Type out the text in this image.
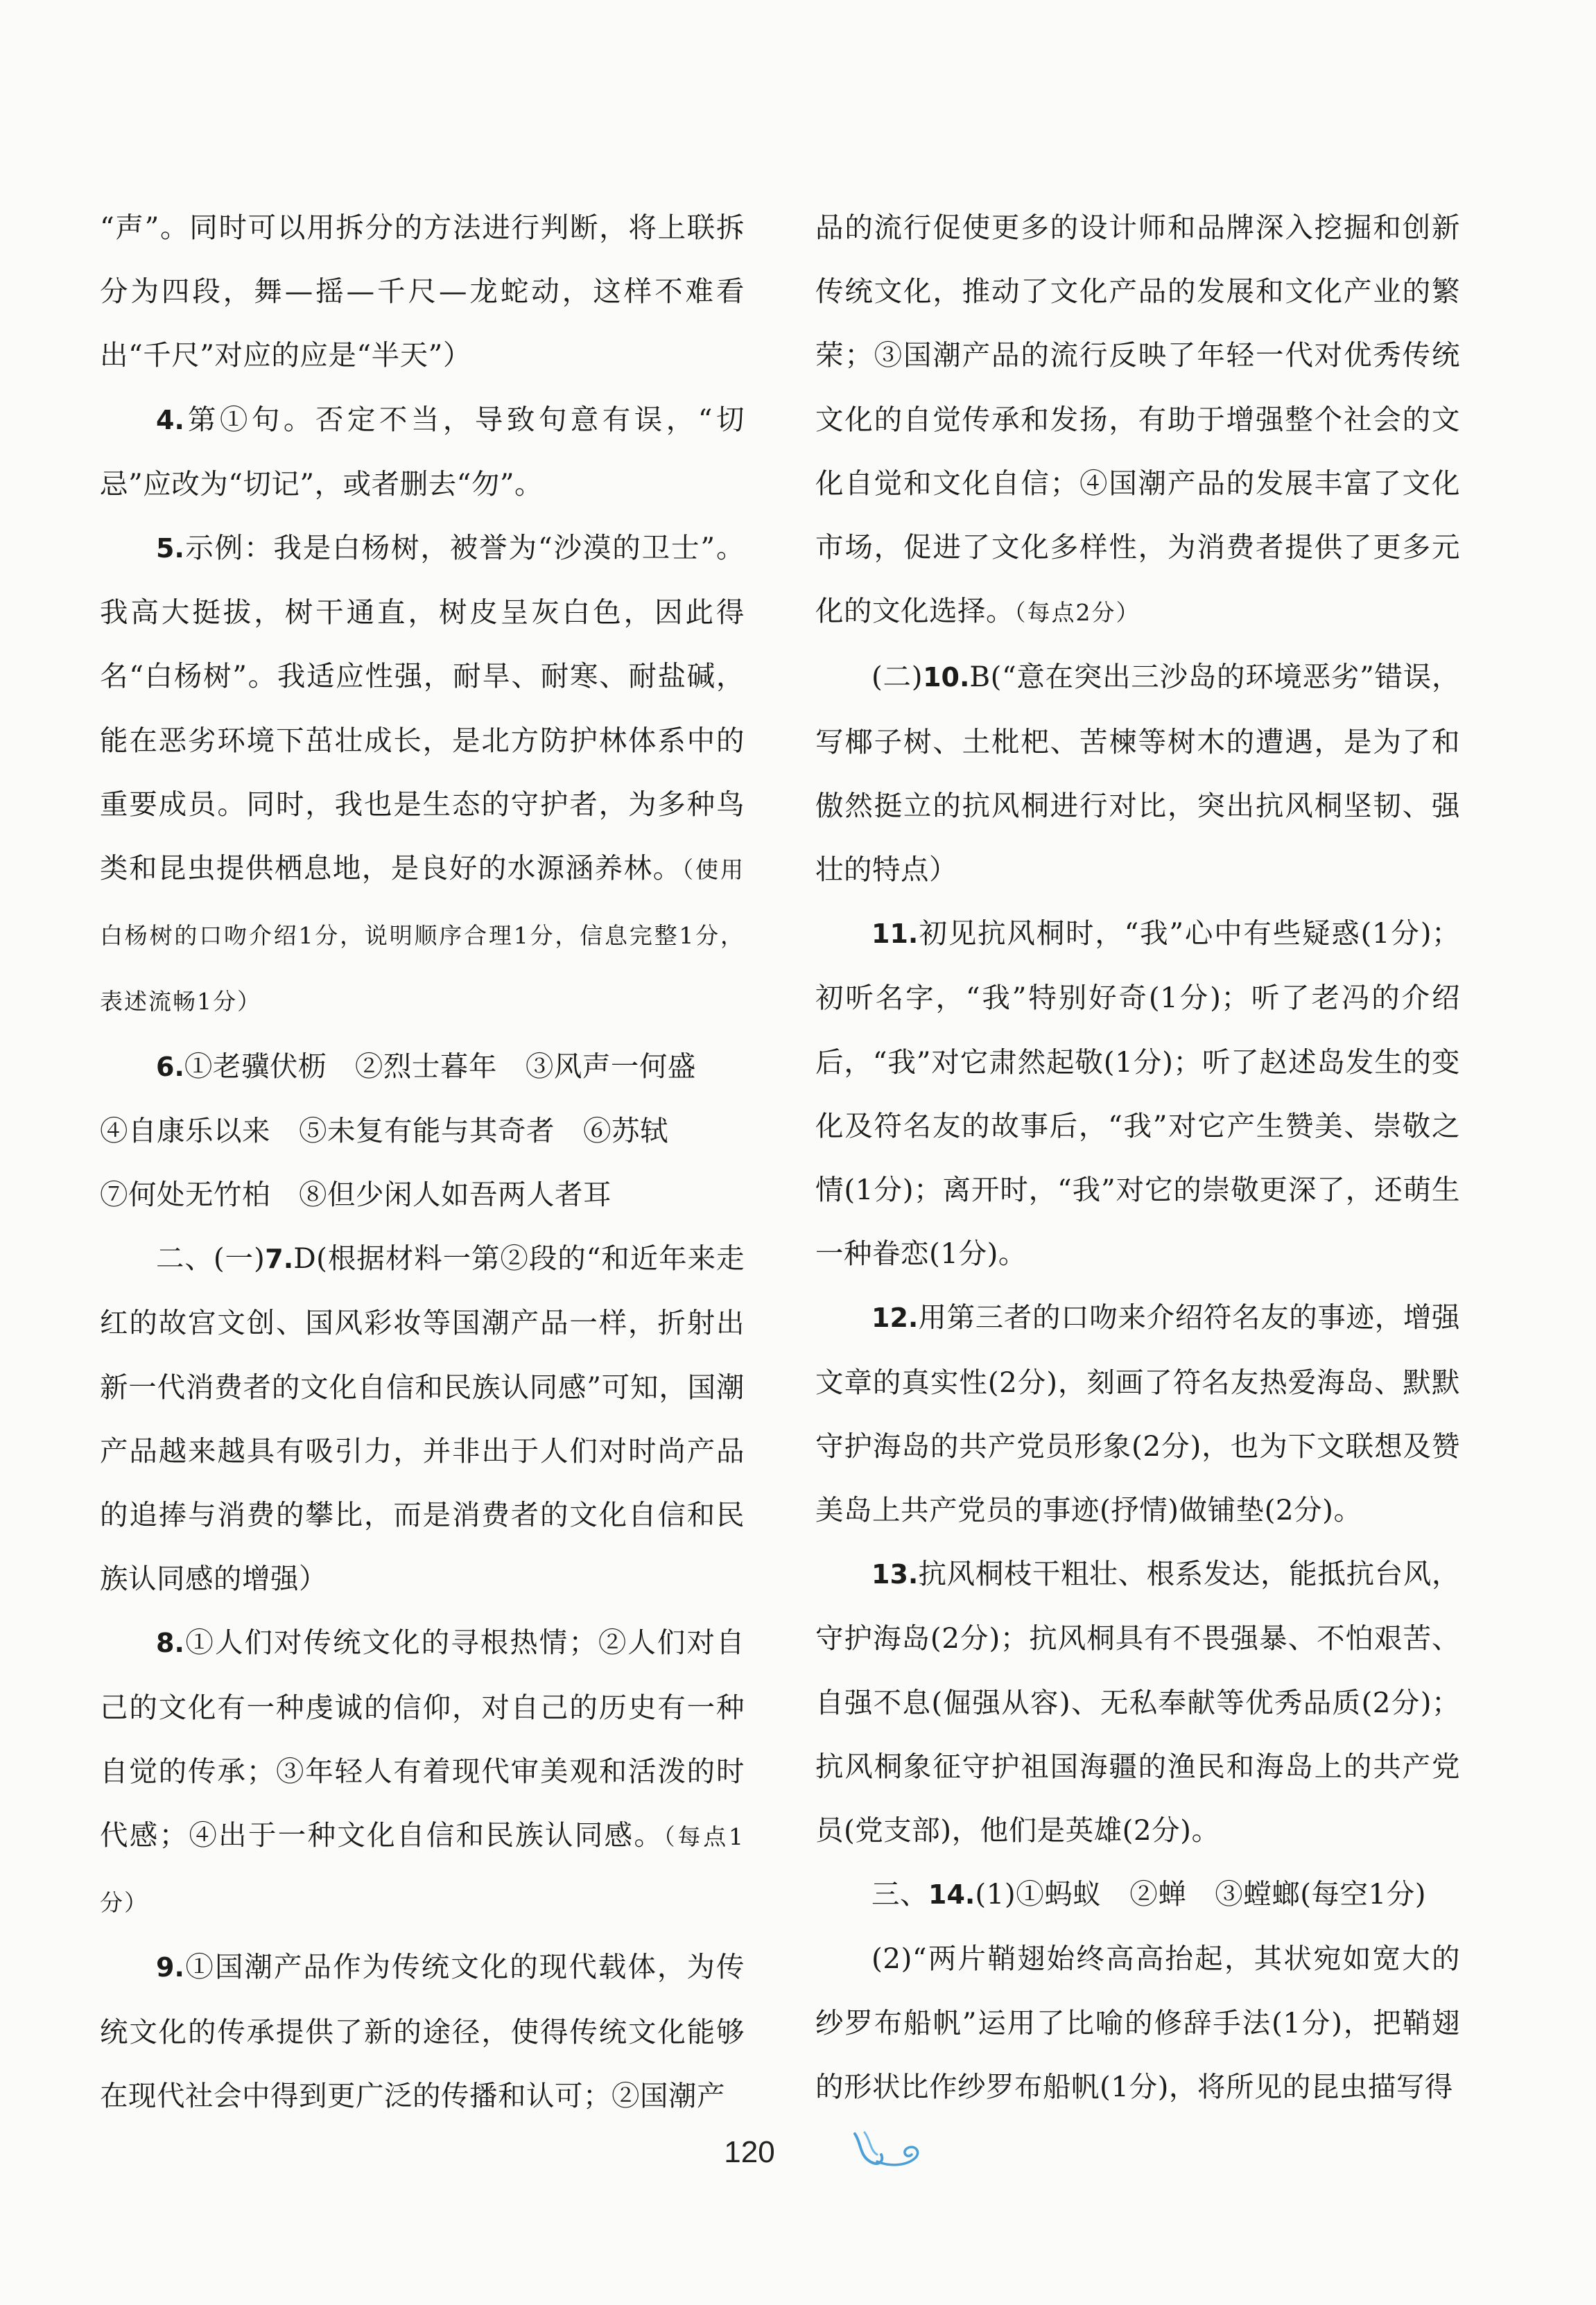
“声”。同时可以用拆分的方法进行判断，将上联拆分为四段，舞—摇—千尺—龙蛇动，这样不难看出“千尺”对应的应是“半天”）

4.第①句。否定不当，导致句意有误，“切忌”应改为“切记”，或者删去“勿”。

5.示例：我是白杨树，被誉为“沙漠的卫士”。我高大挺拔，树干通直，树皮呈灰白色，因此得名“白杨树”。我适应性强，耐旱、耐寒、耐盐碱，能在恶劣环境下茁壮成长，是北方防护林体系中的重要成员。同时，我也是生态的守护者，为多种鸟类和昆虫提供栖息地，是良好的水源涵养林。（使用白杨树的口吻介绍1分，说明顺序合理1分，信息完整1分，表述流畅1分）

6.①老骥伏枥　 ②烈士暮年　 ③风声一何盛

④自康乐以来　 ⑤未复有能与其奇者　 ⑥苏轼

⑦何处无竹柏　 ⑧但少闲人如吾两人者耳

二、(一)7.D(根据材料一第②段的“和近年来走红的故宫文创、国风彩妆等国潮产品一样，折射出新一代消费者的文化自信和民族认同感”可知，国潮产品越来越具有吸引力，并非出于人们对时尚产品的追捧与消费的攀比，而是消费者的文化自信和民族认同感的增强）

8.①人们对传统文化的寻根热情；②人们对自己的文化有一种虔诚的信仰，对自己的历史有一种自觉的传承；③年轻人有着现代审美观和活泼的时代感；④出于一种文化自信和民族认同感。（每点1分）

9.①国潮产品作为传统文化的现代载体，为传统文化的传承提供了新的途径，使得传统文化能够在现代社会中得到更广泛的传播和认可；②国潮产

品的流行促使更多的设计师和品牌深入挖掘和创新传统文化，推动了文化产品的发展和文化产业的繁荣；③国潮产品的流行反映了年轻一代对优秀传统文化的自觉传承和发扬，有助于增强整个社会的文化自觉和文化自信；④国潮产品的发展丰富了文化市场，促进了文化多样性，为消费者提供了更多元化的文化选择。（每点2分）

(二)10.B(“意在突出三沙岛的环境恶劣”错误，写椰子树、土枇杷、苦楝等树木的遭遇，是为了和傲然挺立的抗风桐进行对比，突出抗风桐坚韧、强壮的特点）

11.初见抗风桐时，“我”心中有些疑惑(1分)；初听名字，“我”特别好奇(1分)；听了老冯的介绍后，“我”对它肃然起敬(1分)；听了赵述岛发生的变化及符名友的故事后，“我”对它产生赞美、崇敬之情(1分)；离开时，“我”对它的崇敬更深了，还萌生一种眷恋(1分)。

12.用第三者的口吻来介绍符名友的事迹，增强文章的真实性(2分)，刻画了符名友热爱海岛、默默守护海岛的共产党员形象(2分)，也为下文联想及赞美岛上共产党员的事迹(抒情)做铺垫(2分)。

13.抗风桐枝干粗壮、根系发达，能抵抗台风，守护海岛(2分)；抗风桐具有不畏强暴、不怕艰苦、自强不息(倔强从容)、无私奉献等优秀品质(2分)；抗风桐象征守护祖国海疆的渔民和海岛上的共产党员(党支部)，他们是英雄(2分)。

三、14.(1)①蚂蚁　②蝉　③螳螂(每空1分)

(2)“两片鞘翅始终高高抬起，其状宛如宽大的纱罗布船帆”运用了比喻的修辞手法(1分)，把鞘翅的形状比作纱罗布船帆(1分)，将所见的昆虫描写得

120
